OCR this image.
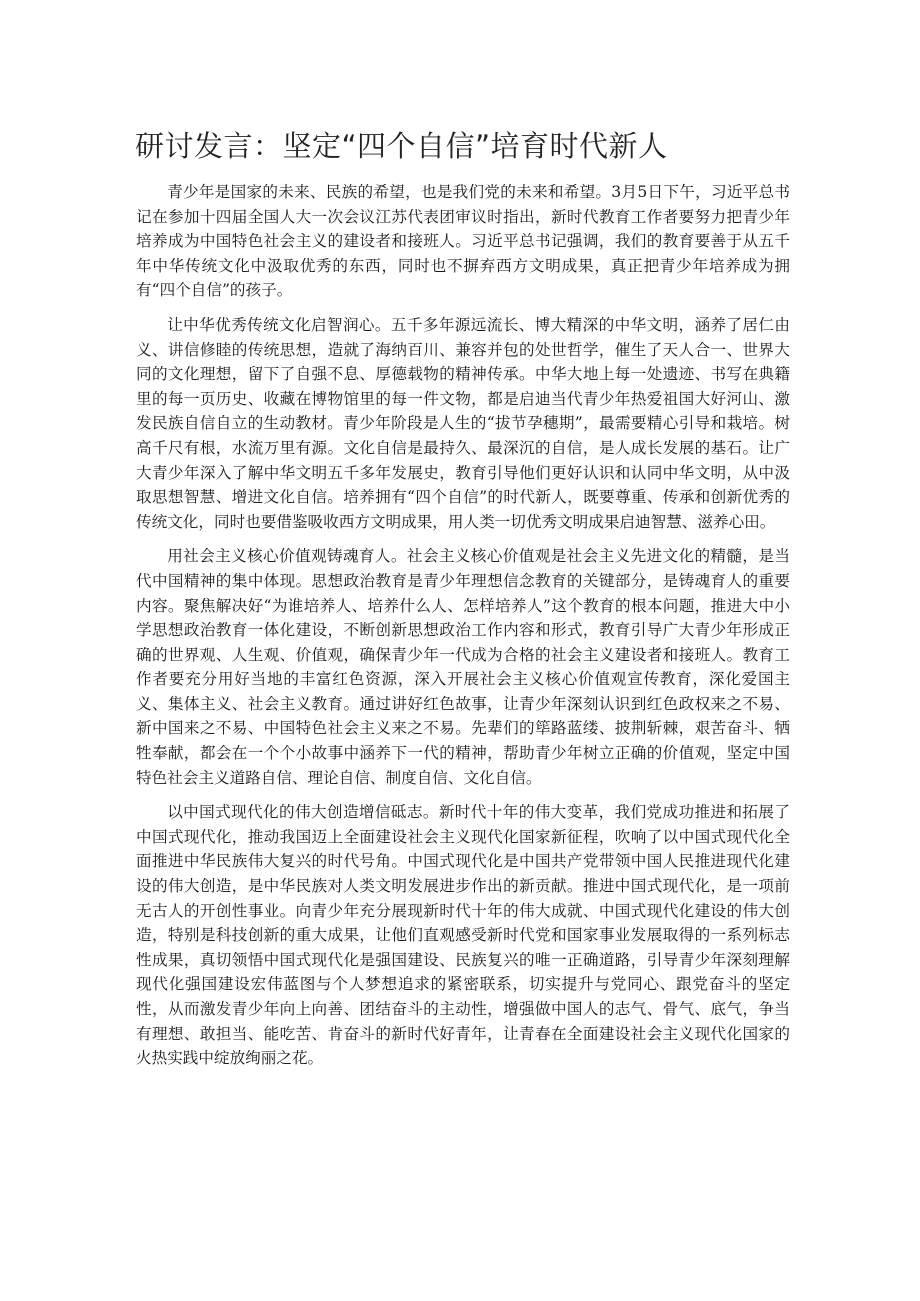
研讨发言：坚定“四个自信”培育时代新人

青少年是国家的未来、民族的希望，也是我们党的未来和希望。3月5日下午，习近平总书记在参加十四届全国人大一次会议江苏代表团审议时指出，新时代教育工作者要努力把青少年培养成为中国特色社会主义的建设者和接班人。习近平总书记强调，我们的教育要善于从五千年中华传统文化中汲取优秀的东西，同时也不摒弃西方文明成果，真正把青少年培养成为拥有“四个自信”的孩子。

让中华优秀传统文化启智润心。五千多年源远流长、博大精深的中华文明，涵养了居仁由义、讲信修睦的传统思想，造就了海纳百川、兼容并包的处世哲学，催生了天人合一、世界大同的文化理想，留下了自强不息、厚德载物的精神传承。中华大地上每一处遗迹、书写在典籍里的每一页历史、收藏在博物馆里的每一件文物，都是启迪当代青少年热爱祖国大好河山、激发民族自信自立的生动教材。青少年阶段是人生的“拔节孕穗期”，最需要精心引导和栽培。树高千尺有根，水流万里有源。文化自信是最持久、最深沉的自信，是人成长发展的基石。让广大青少年深入了解中华文明五千多年发展史，教育引导他们更好认识和认同中华文明，从中汲取思想智慧、增进文化自信。培养拥有“四个自信”的时代新人，既要尊重、传承和创新优秀的传统文化，同时也要借鉴吸收西方文明成果，用人类一切优秀文明成果启迪智慧、滋养心田。

用社会主义核心价值观铸魂育人。社会主义核心价值观是社会主义先进文化的精髓，是当代中国精神的集中体现。思想政治教育是青少年理想信念教育的关键部分，是铸魂育人的重要内容。聚焦解决好“为谁培养人、培养什么人、怎样培养人”这个教育的根本问题，推进大中小学思想政治教育一体化建设，不断创新思想政治工作内容和形式，教育引导广大青少年形成正确的世界观、人生观、价值观，确保青少年一代成为合格的社会主义建设者和接班人。教育工作者要充分用好当地的丰富红色资源，深入开展社会主义核心价值观宣传教育，深化爱国主义、集体主义、社会主义教育。通过讲好红色故事，让青少年深刻认识到红色政权来之不易、新中国来之不易、中国特色社会主义来之不易。先辈们的筚路蓝缕、披荆斩棘，艰苦奋斗、牺牲奉献，都会在一个个小故事中涵养下一代的精神，帮助青少年树立正确的价值观，坚定中国特色社会主义道路自信、理论自信、制度自信、文化自信。

以中国式现代化的伟大创造增信砥志。新时代十年的伟大变革，我们党成功推进和拓展了中国式现代化，推动我国迈上全面建设社会主义现代化国家新征程，吹响了以中国式现代化全面推进中华民族伟大复兴的时代号角。中国式现代化是中国共产党带领中国人民推进现代化建设的伟大创造，是中华民族对人类文明发展进步作出的新贡献。推进中国式现代化，是一项前无古人的开创性事业。向青少年充分展现新时代十年的伟大成就、中国式现代化建设的伟大创造，特别是科技创新的重大成果，让他们直观感受新时代党和国家事业发展取得的一系列标志性成果，真切领悟中国式现代化是强国建设、民族复兴的唯一正确道路，引导青少年深刻理解现代化强国建设宏伟蓝图与个人梦想追求的紧密联系，切实提升与党同心、跟党奋斗的坚定性，从而激发青少年向上向善、团结奋斗的主动性，增强做中国人的志气、骨气、底气，争当有理想、敢担当、能吃苦、肯奋斗的新时代好青年，让青春在全面建设社会主义现代化国家的火热实践中绽放绚丽之花。
